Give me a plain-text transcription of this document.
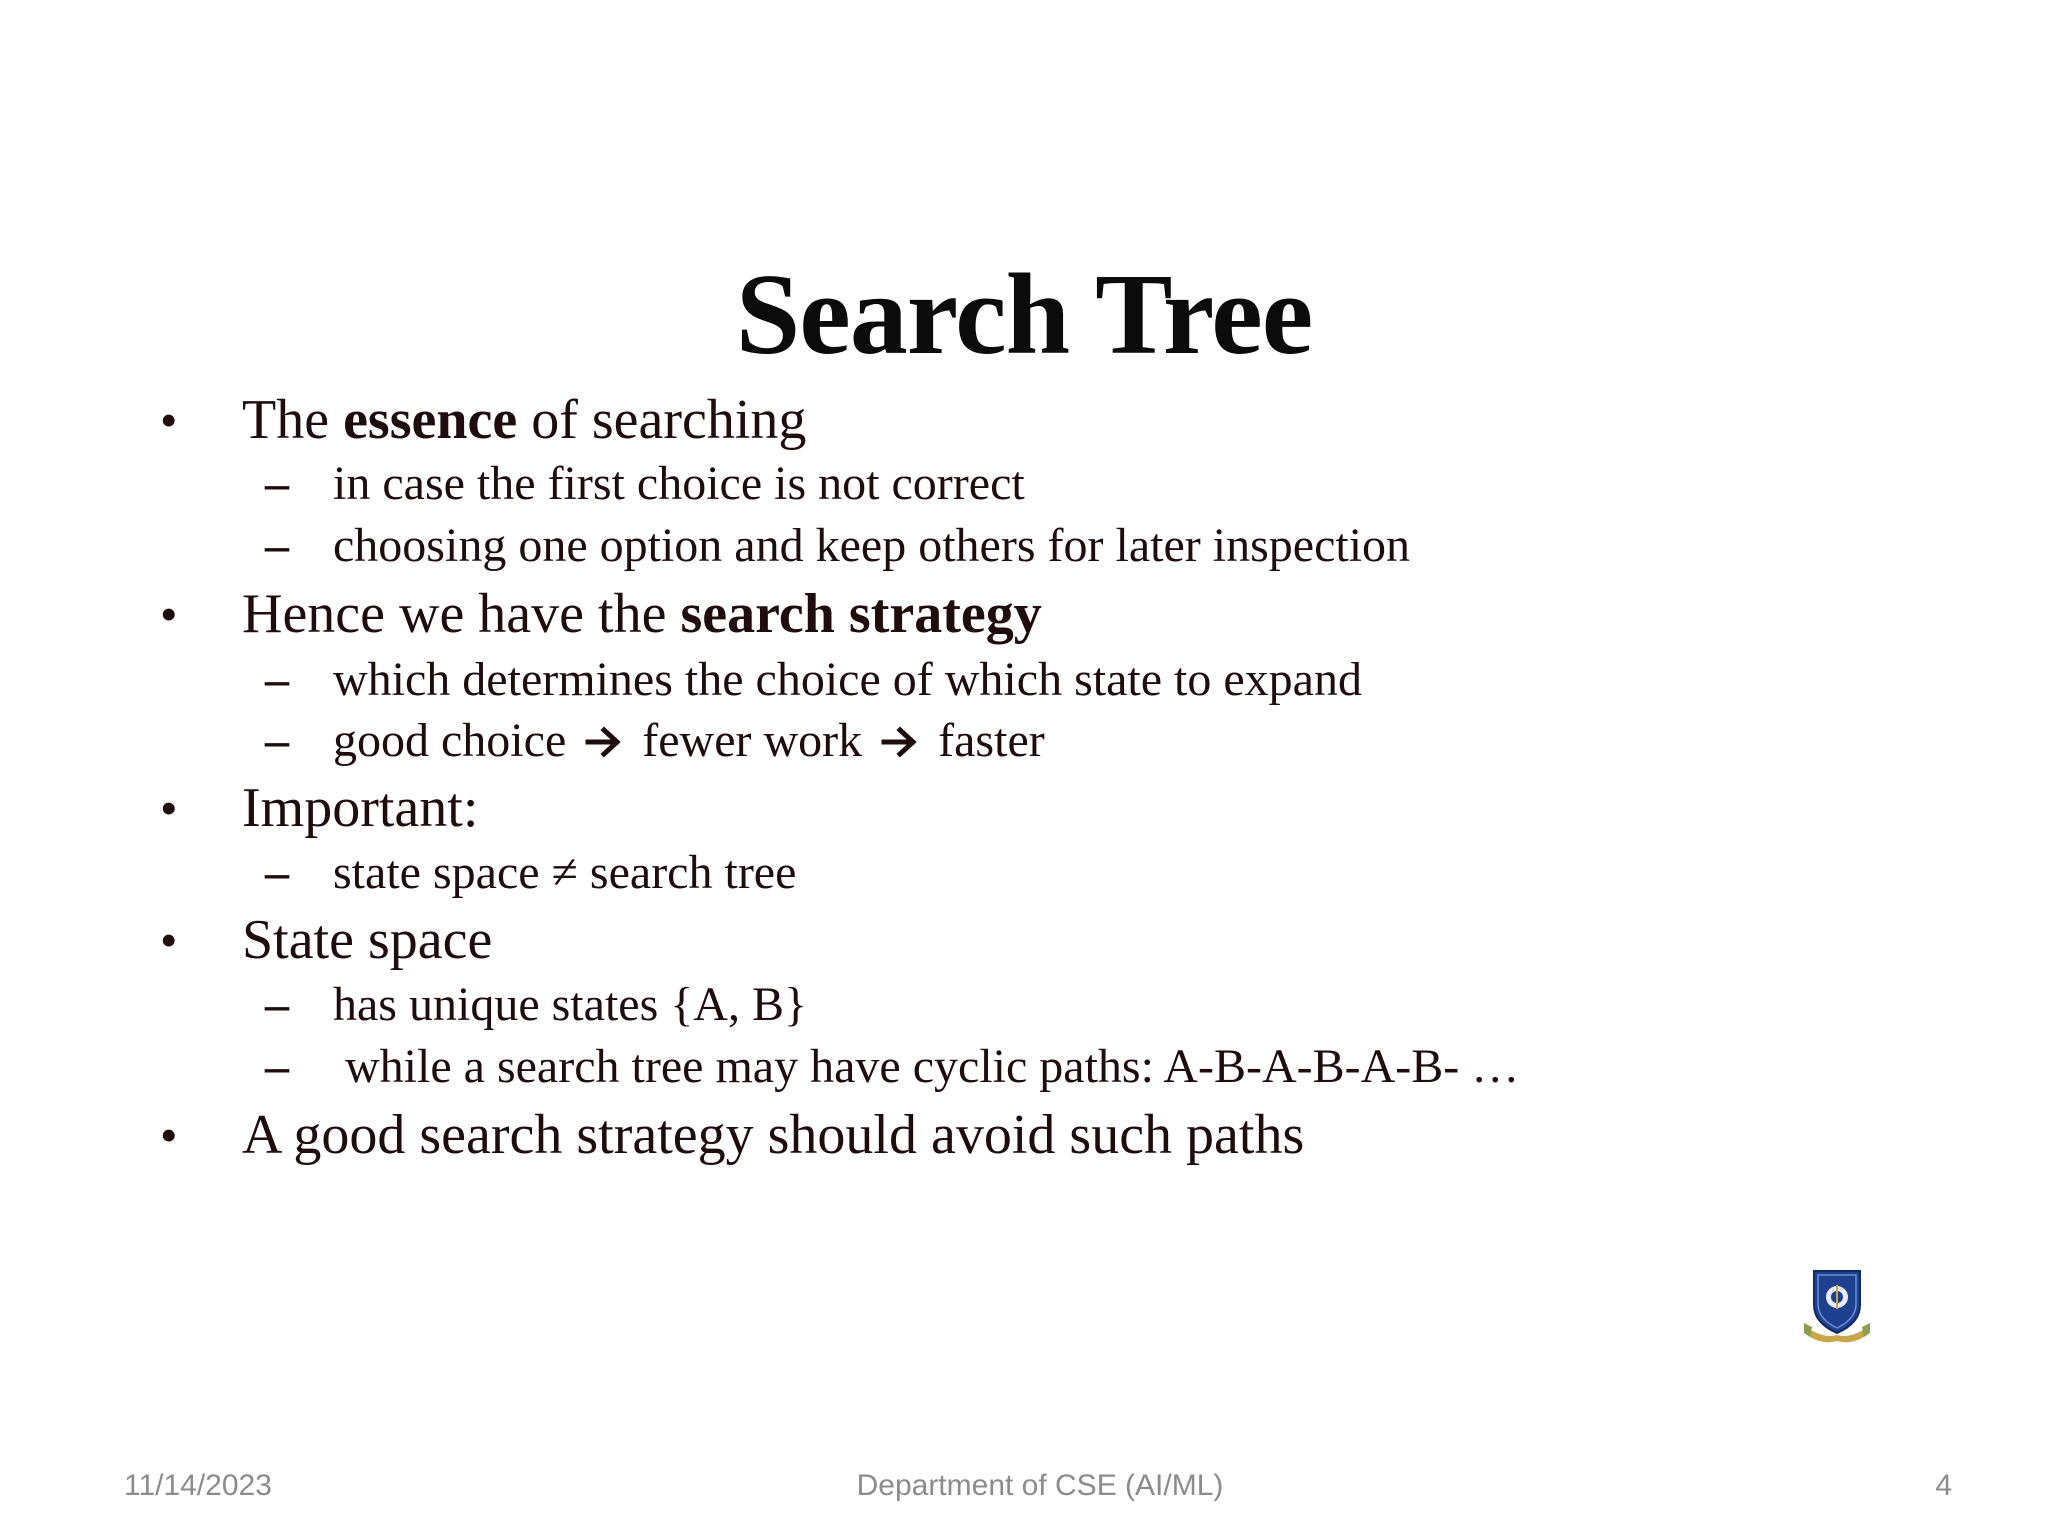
Search Tree
• The essence of searching
– in case the first choice is not correct
– choosing one option and keep others for later inspection
• Hence we have the search strategy
– which determines the choice of which state to expand
– good choice  fewer work  faster
• Important:
– state space ≠ search tree
• State space
– has unique states {A, B}
– while a search tree may have cyclic paths: A-B-A-B-A-B- …
• A good search strategy should avoid such paths
11/14/2023	Department of CSE (AI/ML)	4
